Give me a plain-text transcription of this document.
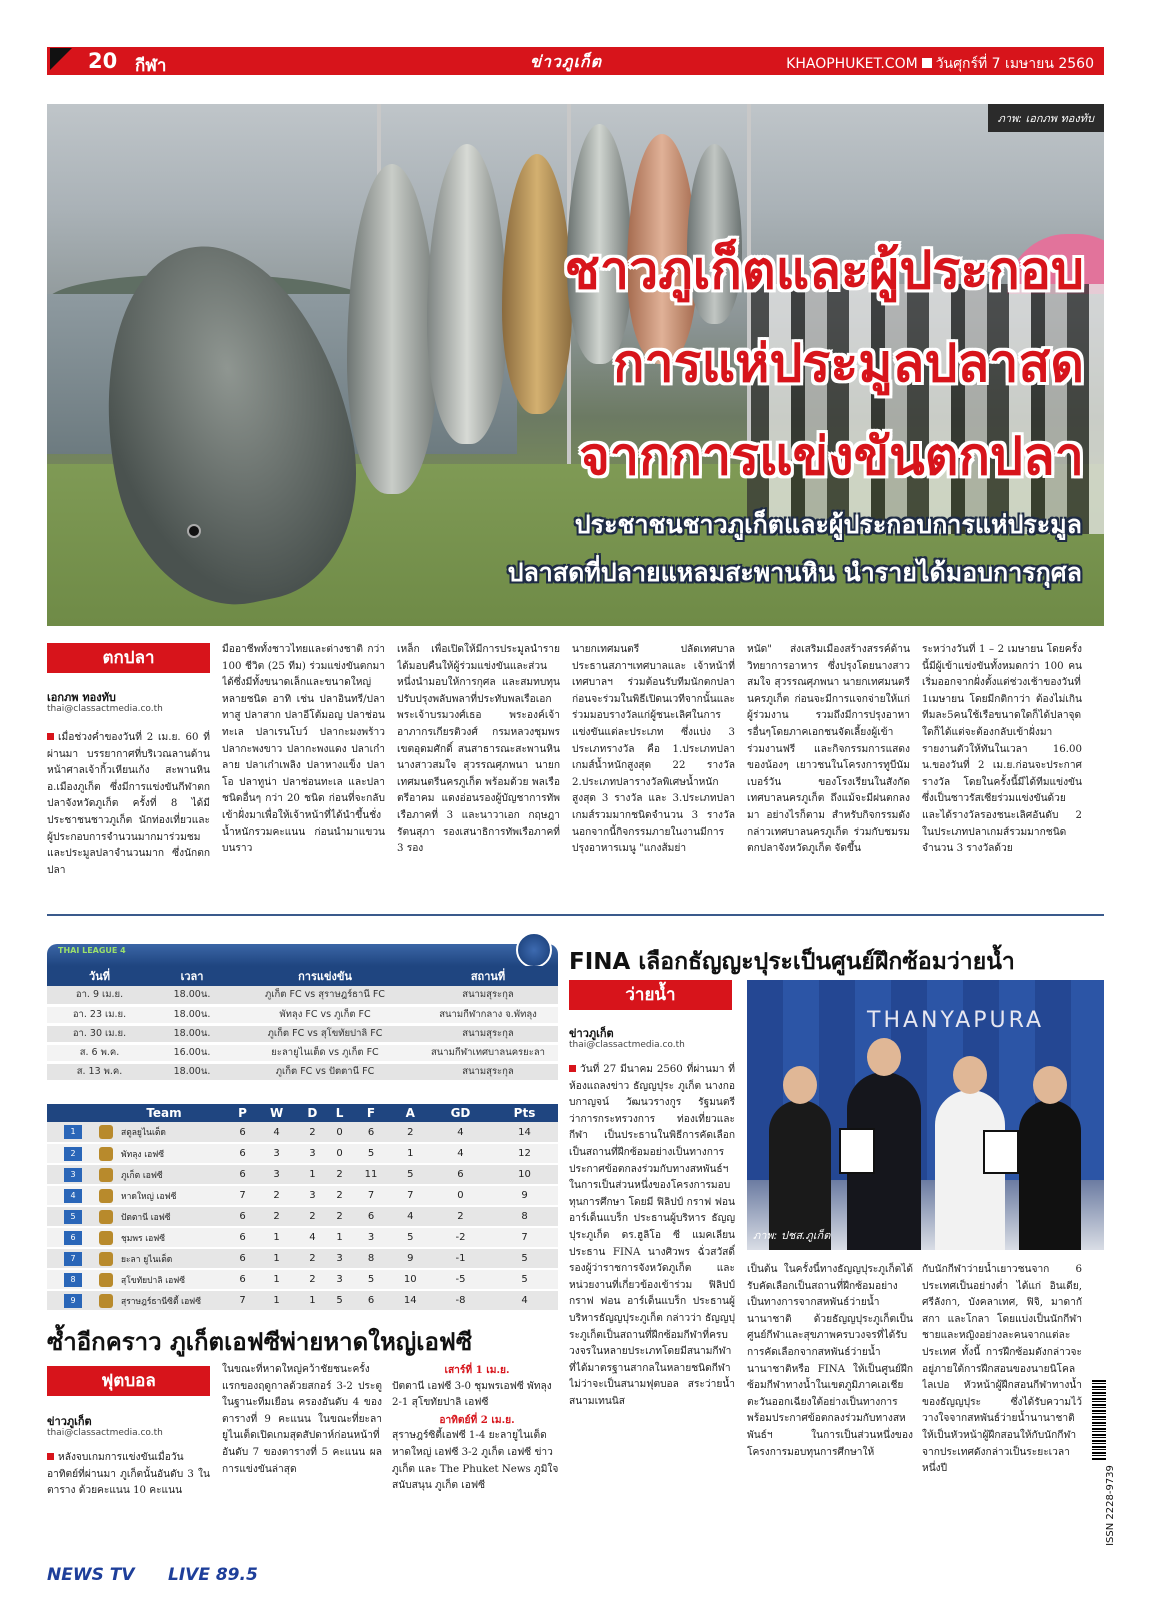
20 กีฬา	ข่าวภูเก็ต	KHAOPHUKET.COM วันศุกร์ที่ 7 เมษายน 2560
ภาพ: เอกภพ ทองทับ
ชาวภูเก็ตและผู้ประกอบ
การแห่ประมูลปลาสด
จากการแข่งขันตกปลา
ประชาชนชาวภูเก็ตและผู้ประกอบการแห่ประมูล
ปลาสดที่ปลายแหลมสะพานหิน นำรายได้มอบการกุศล
ตกปลา
เอกภพ ทองทับ
thai@classactmedia.co.th
เมื่อช่วงค่ำของวันที่ 2 เม.ย. 60 ที่ผ่านมา บรรยากาศที่บริเวณลานด้านหน้าศาลเจ้ากิ้วเหียนเก้ง สะพานหิน อ.เมืองภูเก็ต ซึ่งมีการแข่งขันกีฬาตกปลาจังหวัดภูเก็ต ครั้งที่ 8 ได้มีประชาชนชาวภูเก็ต นักท่องเที่ยวและผู้ประกอบการจำนวนมากมาร่วมชมและประมูลปลาจำนวนมาก ซึ่งนักตกปลา
มืออาชีพทั้งชาวไทยและต่างชาติ กว่า 100 ชีวิต (25 ทีม) ร่วมแข่งขันตกมาได้ซึ่งมีทั้งขนาดเล็กและขนาดใหญ่หลายชนิด อาทิ เช่น ปลาอินทรี/ปลาทาสู ปลาสาก ปลาอีโต้มอญ ปลาช่อนทะเล ปลาเรนโบว์ ปลากะมงพร้าว ปลากะพงขาว ปลากะพงแดง ปลาเก๋าลาย ปลาเก๋าเพลิง ปลาหางแข็ง ปลาโอ ปลาทูน่า ปลาช่อนทะเล และปลาชนิดอื่นๆ กว่า 20 ชนิด ก่อนที่จะกลับเข้าฝั่งมาเพื่อให้เจ้าหน้าที่ได้นำขึ้นชั่งน้ำหนักรวมคะแนน ก่อนนำมาแขวนบนราว
เหล็ก เพื่อเปิดให้มีการประมูลนำรายได้มอบคืนให้ผู้ร่วมแข่งขันและส่วนหนึ่งนำมอบให้การกุศล และสมทบทุนปรับปรุงพลับพลาที่ประทับพลเรือเอกพระเจ้าบรมวงศ์เธอ พระองค์เจ้าอาภากรเกียรติวงศ์ กรมหลวงชุมพรเขตอุดมศักดิ์ สนสาธารณะสะพานหิน นางสาวสมใจ สุวรรณศุภพนา นายกเทศมนตรีนครภูเก็ต พร้อมด้วย พลเรือตรีอาคม แดงอ่อนรองผู้บัญชาการทัพเรือภาคที่ 3 และนาวาเอก กฤษฎา รัตนสุภา รองเสนาธิการทัพเรือภาคที่ 3 รอง
นายกเทศมนตรี ปลัดเทศบาล ประธานสภาฯเทศบาลและ เจ้าหน้าที่เทศบาลฯ ร่วมต้อนรับทีมนักตกปลา ก่อนจะร่วมในพิธีเปิดนเวทีจากนั้นและร่วมมอบรางวัลแก่ผู้ชนะเลิศในการแข่งขันแต่ละประเภท ซึ่งแบ่ง 3 ประเภทรางวัล คือ 1.ประเภทปลาเกมส์น้ำหนักสูงสุด 22 รางวัล 2.ประเภทปลารางวัลพิเศษน้ำหนักสูงสุด 3 รางวัล และ 3.ประเภทปลาเกมส์รวมมากชนิดจำนวน 3 รางวัล นอกจากนี้กิจกรรมภายในงานมีการปรุงอาหารเมนู "แกงส้มย่า
หนัด" ส่งเสริมเมืองสร้างสรรค์ด้านวิทยาการอาหาร ซึ่งปรุงโดยนางสาวสมใจ สุวรรณศุภพนา นายกเทศมนตรีนครภูเก็ต ก่อนจะมีการแจกจ่ายให้แก่ผู้ร่วมงาน รวมถึงมีการปรุงอาหารอื่นๆโดยภาคเอกชนจัดเลี้ยงผู้เข้าร่วมงานฟรี และกิจกรรมการแสดงของน้องๆ เยาวชนในโครงการทูบีนัมเบอร์วัน ของโรงเรียนในสังกัดเทศบาลนครภูเก็ต ถึงแม้จะมีฝนตกลงมา อย่างไรก็ตาม สำหรับกิจกรรมดังกล่าวเทศบาลนครภูเก็ต ร่วมกับชมรมตกปลาจังหวัดภูเก็ต จัดขึ้น
ระหว่างวันที่ 1 – 2 เมษายน โดยครั้งนี้มีผู้เข้าแข่งขันทั้งหมดกว่า 100 คนเริ่มออกจากฝั่งตั้งแต่ช่วงเช้าของวันที่ 1เมษายน โดยมีกติกาว่า ต้องไม่เกินทีมละ5คนใช้เรือขนาดใดก็ได้ปลาจุดใดก็ได้แต่จะต้องกลับเข้าฝั่งมารายงานตัวให้ทันในเวลา 16.00 น.ของวันที่ 2 เม.ย.ก่อนจะประกาศรางวัล โดยในครั้งนี้มีได้ทีมแข่งขันซึ่งเป็นชาวรัสเซียร่วมแข่งขันด้วยและได้รางวัลรองชนะเลิศอันดับ 2 ในประเภทปลาเกมส์รวมมากชนิดจำนวน 3 รางวัลด้วย
THAI LEAGUE 4
วันที่	เวลา	การแข่งขัน	สถานที่
อา. 9 เม.ย.	18.00น.	ภูเก็ต FC vs สุราษฎร์ธานี FC	สนามสุระกุล
อา. 23 เม.ย.	18.00น.	พัทลุง FC vs ภูเก็ต FC	สนามกีฬากลาง จ.พัทลุง
อา. 30 เม.ย.	18.00น.	ภูเก็ต FC vs สุโขทัยปาลิ FC	สนามสุระกุล
ส. 6 พ.ค.	16.00น.	ยะลายูไนเต็ด vs ภูเก็ต FC	สนามกีฬาเทศบาลนครยะลา
ส. 13 พ.ค.	18.00น.	ภูเก็ต FC vs ปัตตานี FC	สนามสุระกุล
	Team	P	W	D	L	F	A	GD	Pts
1	สตูลยูไนเต็ด	6	4	2	0	6	2	4	14
2	พัทลุง เอฟซี	6	3	3	0	5	1	4	12
3	ภูเก็ต เอฟซี	6	3	1	2	11	5	6	10
4	หาดใหญ่ เอฟซี	7	2	3	2	7	7	0	9
5	ปัตตานี เอฟซี	6	2	2	2	6	4	2	8
6	ชุมพร เอฟซี	6	1	4	1	3	5	-2	7
7	ยะลา ยูไนเต็ด	6	1	2	3	8	9	-1	5
8	สุโขทัยปาลิ เอฟซี	6	1	2	3	5	10	-5	5
9	สุราษฎร์ธานีซิตี้ เอฟซี	7	1	1	5	6	14	-8	4
ซ้ำอีกคราว ภูเก็ตเอฟซีพ่ายหาดใหญ่เอฟซี
ฟุตบอล
ข่าวภูเก็ต
thai@classactmedia.co.th
หลังจบเกมการแข่งขันเมื่อวันอาทิตย์ที่ผ่านมา ภูเก็ตนั้นอันดับ 3 ในตาราง ด้วยคะแนน 10 คะแนน
ในขณะที่หาดใหญ่คว้าชัยชนะครั้งแรกของฤดูกาลด้วยสกอร์ 3-2 ประตูในฐานะทีมเยือน ครองอันดับ 4 ของตารางที่ 9 คะแนน ในขณะที่ยะลายูไนเต็ดเปิดเกมสุดสัปดาห์ก่อนหน้าที่อันดับ 7 ของตารางที่ 5 คะแนน ผลการแข่งขันล่าสุด
เสาร์ที่ 1 เม.ย.
ปัตตานี เอฟซี 3-0 ชุมพรเอฟซี พัทลุง 2-1 สุโขทัยปาลิ เอฟซี
อาทิตย์ที่ 2 เม.ย.
สุราษฎร์ซิตี้เอฟซี 1-4 ยะลายูไนเต็ด หาดใหญ่ เอฟซี 3-2 ภูเก็ต เอฟซี ข่าวภูเก็ต และ The Phuket News ภูมิใจสนับสนุน ภูเก็ต เอฟซี
FINA เลือกธัญญะปุระเป็นศูนย์ฝึกซ้อมว่ายน้ำ
ว่ายน้ำ
ข่าวภูเก็ต
thai@classactmedia.co.th
วันที่ 27 มีนาคม 2560 ที่ผ่านมา ที่ห้องแถลงข่าว ธัญญปุระ ภูเก็ต นางกอบกาญจน์ วัฒนวรางกูร รัฐมนตรีว่าการกระทรวงการ ท่องเที่ยวและกีฬา เป็นประธานในพิธีการคัดเลือกเป็นสถานที่ฝึกซ้อมอย่างเป็นทางการประกาศข้อตกลงร่วมกับทางสหพันธ์ฯ ในการเป็นส่วนหนึ่งของโครงการมอบทุนการศึกษา โดยมี ฟิลิปป์ กราฟ ฟอน อาร์เด็นแบร็ก ประธานผู้บริหาร ธัญญปุระภูเก็ต ดร.ฮูลิโอ ซี แมคเลียน ประธาน FINA นางศิวพร ฉั่วสวัสดิ์ รองผู้ว่าราชการจังหวัดภูเก็ต และหน่วยงานที่เกี่ยวข้องเข้าร่วม ฟิลิปป์ กราฟ ฟอน อาร์เด็นแบร็ก ประธานผู้บริหารธัญญปุระภูเก็ต กล่าวว่า ธัญญปุระภูเก็ตเป็นสถานที่ฝึกซ้อมกีฬาที่ครบวงจรในหลายประเภทโดยมีสนามกีฬาที่ได้มาตรฐานสากลในหลายชนิดกีฬาไม่ว่าจะเป็นสนามฟุตบอล สระว่ายน้ำ สนามเทนนิส
THANYAPURA
ภาพ: ปชส.ภูเก็ต
เป็นต้น ในครั้งนี้ทางธัญญปุระภูเก็ตได้รับคัดเลือกเป็นสถานที่ฝึกซ้อมอย่างเป็นทางการจากสหพันธ์ว่ายน้ำนานาชาติ ด้วยธัญญปุระภูเก็ตเป็นศูนย์กีฬาและสุขภาพครบวงจรที่ได้รับการคัดเลือกจากสหพันธ์ว่ายน้ำนานาชาติหรือ FINA ให้เป็นศูนย์ฝึกซ้อมกีฬาทางน้ำในเขตภูมิภาคเอเชียตะวันออกเฉียงใต้อย่างเป็นทางการ พร้อมประกาศข้อตกลงร่วมกับทางสหพันธ์ฯ ในการเป็นส่วนหนึ่งของโครงการมอบทุนการศึกษาให้
กับนักกีฬาว่ายน้ำเยาวชนจาก 6 ประเทศเป็นอย่างต่ำ ได้แก่ อินเดีย, ศรีลังกา, บังคลาเทศ, ฟิจิ, มาดากัสกา และโกลา โดยแบ่งเป็นนักกีฬาชายและหญิงอย่างละคนจากแต่ละประเทศ ทั้งนี้ การฝึกซ้อมดังกล่าวจะอยู่ภายใต้การฝึกสอนของนายนิโคล ไลเปอ หัวหน้าผู้ฝึกสอนกีฬาทางน้ำของธัญญปุระ ซึ่งได้รับความไว้วางใจจากสหพันธ์ว่ายน้ำนานาชาติให้เป็นหัวหน้าผู้ฝึกสอนให้กับนักกีฬาจากประเทศดังกล่าวเป็นระยะเวลาหนึ่งปี	ISSN 2228-9739
NEWS TV LIVE 89.5
